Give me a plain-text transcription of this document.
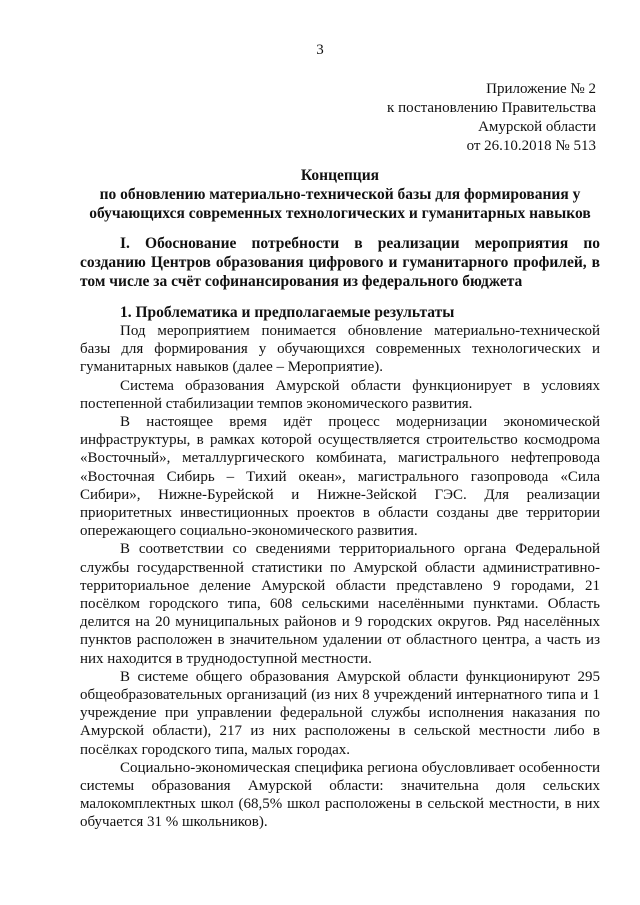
3
Приложение № 2
к постановлению Правительства
Амурской области
от 26.10.2018 № 513
Концепция
по обновлению материально-технической базы для формирования у
обучающихся современных технологических и гуманитарных навыков
I. Обоснование потребности в реализации мероприятия по созданию Центров образования цифрового и гуманитарного профилей, в том числе за счёт софинансирования из федерального бюджета
1. Проблематика и предполагаемые результаты

Под мероприятием понимается обновление материально-технической базы для формирования у обучающихся современных технологических и гуманитарных навыков (далее – Мероприятие).

Система образования Амурской области функционирует в условиях постепенной стабилизации темпов экономического развития.

В настоящее время идёт процесс модернизации экономической инфраструктуры, в рамках которой осуществляется строительство космодрома «Восточный», металлургического комбината, магистрального нефтепровода «Восточная Сибирь – Тихий океан», магистрального газопровода «Сила Сибири», Нижне-Бурейской и Нижне-Зейской ГЭС. Для реализации приоритетных инвестиционных проектов в области созданы две территории опережающего социально-экономического развития.

В соответствии со сведениями территориального органа Федеральной службы государственной статистики по Амурской области административно-территориальное деление Амурской области представлено 9 городами, 21 посёлком городского типа, 608 сельскими населёнными пунктами. Область делится на 20 муниципальных районов и 9 городских округов. Ряд населённых пунктов расположен в значительном удалении от областного центра, а часть из них находится в труднодоступной местности.

В системе общего образования Амурской области функционируют 295 общеобразовательных организаций (из них 8 учреждений интернатного типа и 1 учреждение при управлении федеральной службы исполнения наказания по Амурской области), 217 из них расположены в сельской местности либо в посёлках городского типа, малых городах.

Социально-экономическая специфика региона обусловливает особенности системы образования Амурской области: значительна доля сельских малокомплектных школ (68,5% школ расположены в сельской местности, в них обучается 31 % школьников).
